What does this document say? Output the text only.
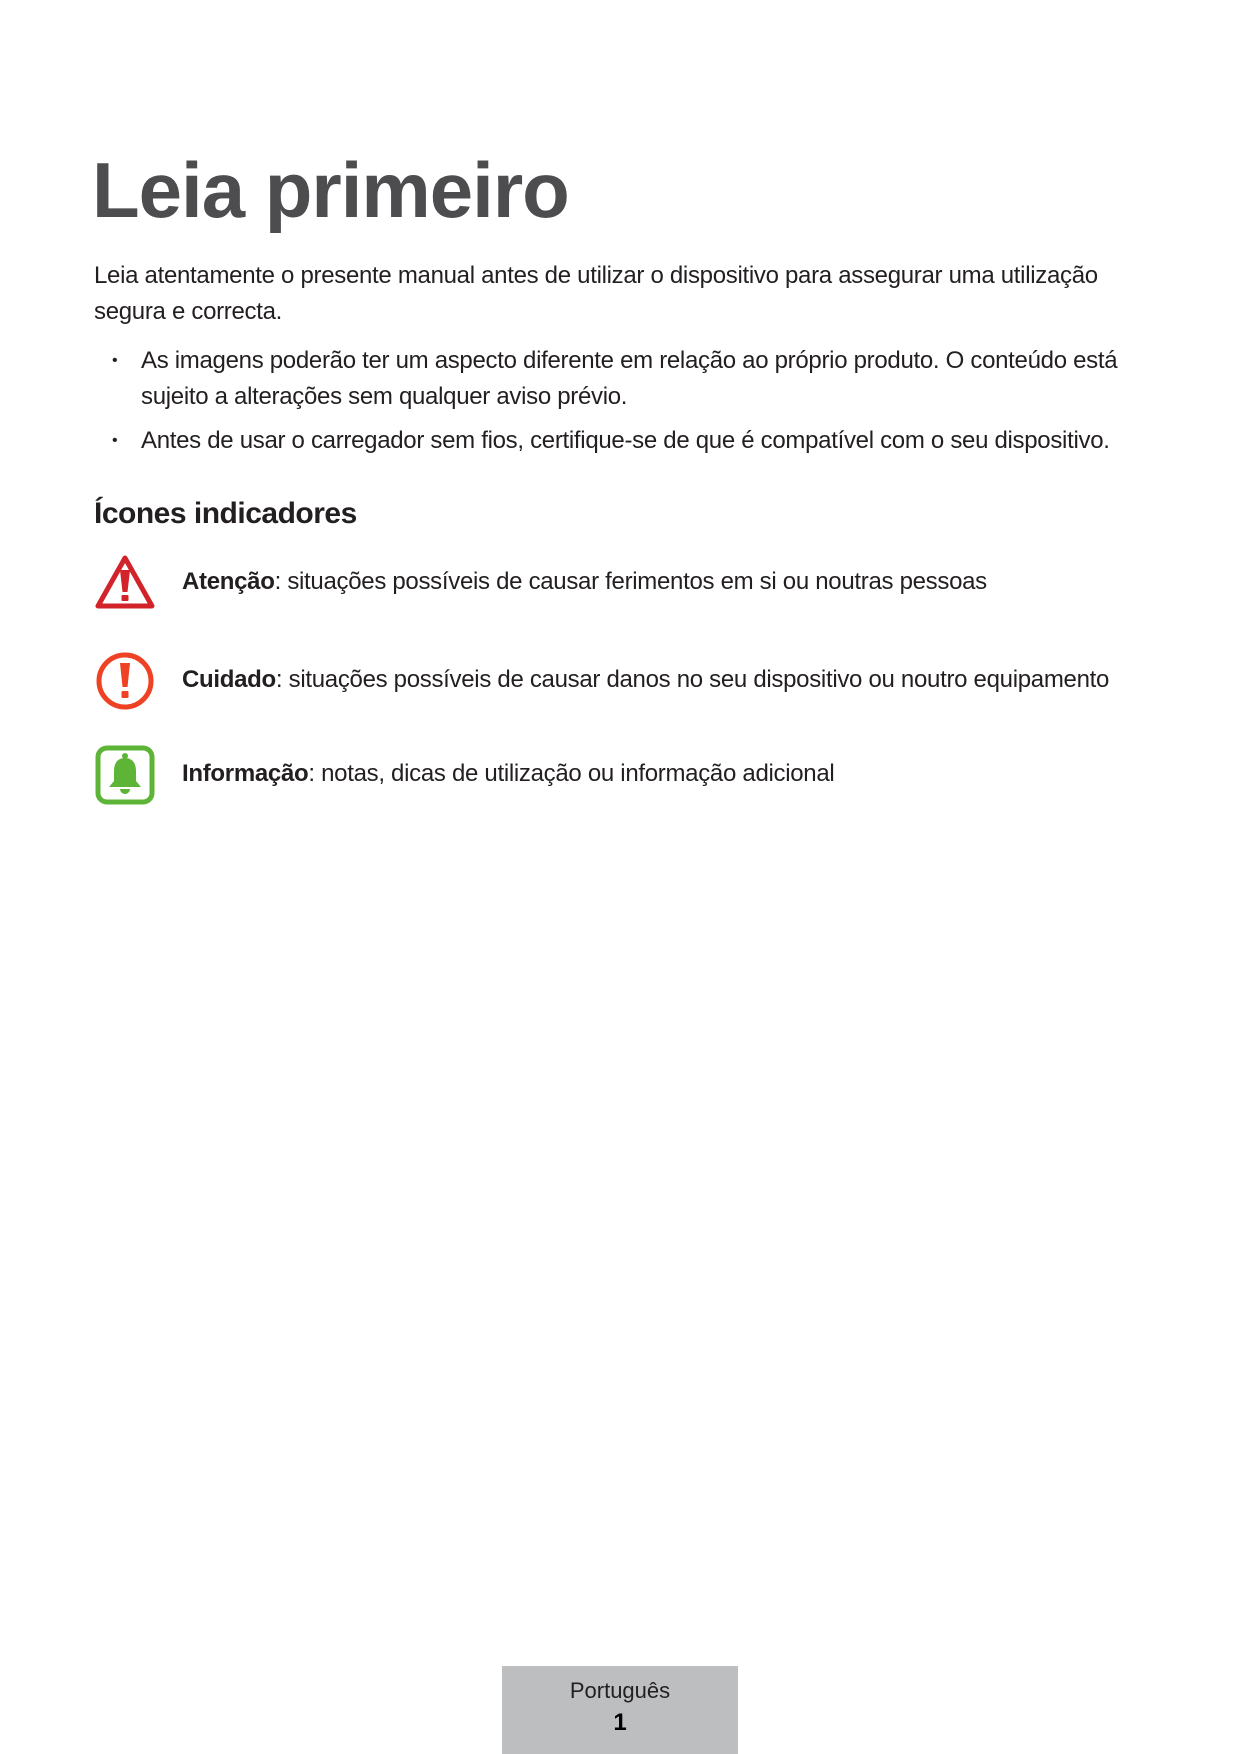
Leia primeiro

Leia atentamente o presente manual antes de utilizar o dispositivo para assegurar uma utilização segura e correcta.

• As imagens poderão ter um aspecto diferente em relação ao próprio produto. O conteúdo está sujeito a alterações sem qualquer aviso prévio.
• Antes de usar o carregador sem fios, certifique-se de que é compatível com o seu dispositivo.
Ícones indicadores
Atenção: situações possíveis de causar ferimentos em si ou noutras pessoas
Cuidado: situações possíveis de causar danos no seu dispositivo ou noutro equipamento
Informação: notas, dicas de utilização ou informação adicional
Português
1
